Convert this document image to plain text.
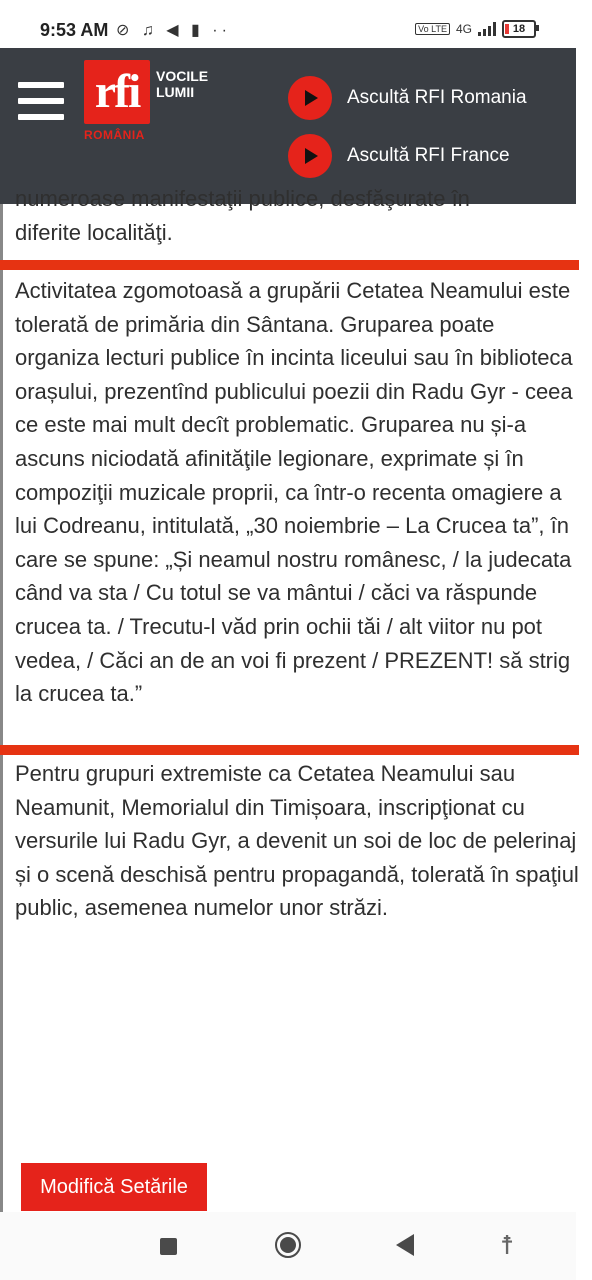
9:53 AM ⊘ ♫ ◀ ▮ ··	Vo LTE 4G	18
rfi
ROMÂNIA
VOCILE
LUMII	Ascultă RFI Romania
Ascultă RFI France
numeroase manifestaţii publice, desfăşurate în
diferite localităţi.

Activitatea zgomotoasă a grupării Cetatea Neamului este tolerată de primăria din Sântana. Gruparea poate organiza lecturi publice în incinta liceului sau în biblioteca orașului, prezentînd publicului poezii din Radu Gyr - ceea ce este mai mult decît problematic. Gruparea nu și-a ascuns niciodată afinităţile legionare, exprimate și în compoziţii muzicale proprii, ca într-o recenta omagiere a lui Codreanu, intitulată, „30 noiembrie – La Crucea ta”, în care se spune: „Și neamul nostru românesc, / la judecata când va sta / Cu totul se va mântui / căci va răspunde crucea ta. / Trecutu-l văd prin ochii tăi / alt viitor nu pot vedea, / Căci an de an voi fi prezent / PREZENT! să strig la crucea ta.”

Pentru grupuri extremiste ca Cetatea Neamului sau Neamunit, Memorialul din Timișoara, inscripţionat cu versurile lui Radu Gyr, a devenit un soi de loc de pelerinaj și o scenă deschisă pentru propagandă, tolerată în spaţiul public, asemenea numelor unor străzi.

Modifică Setările
☨
